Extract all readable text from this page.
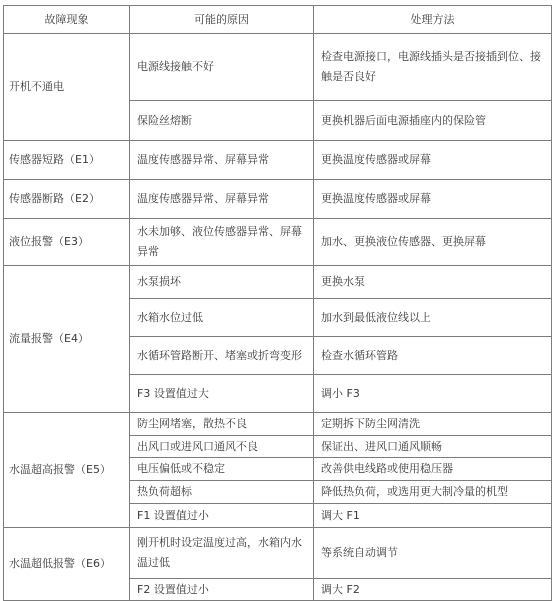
故障现象	可能的原因	处理方法
开机不通电	电源线接触不好	检查电源接口，电源线插头是否接插到位、接触是否良好
	保险丝熔断	更换机器后面电源插座内的保险管
传感器短路（E1）	温度传感器异常、屏幕异常	更换温度传感器或屏幕
传感器断路（E2）	温度传感器异常、屏幕异常	更换温度传感器或屏幕
液位报警（E3）	水未加够、液位传感器异常、屏幕异常	加水、更换液位传感器、更换屏幕
流量报警（E4）	水泵损坏	更换水泵
	水箱水位过低	加水到最低液位线以上
	水循环管路断开、堵塞或折弯变形	检查水循环管路
	F3 设置值过大	调小 F3
水温超高报警（E5）	防尘网堵塞，散热不良	定期拆下防尘网清洗
	出风口或进风口通风不良	保证出、进风口通风顺畅
	电压偏低或不稳定	改善供电线路或使用稳压器
	热负荷超标	降低热负荷，或选用更大制冷量的机型
	F1 设置值过小	调大 F1
水温超低报警（E6）	刚开机时设定温度过高，水箱内水温过低	等系统自动调节
	F2 设置值过小	调大 F2
